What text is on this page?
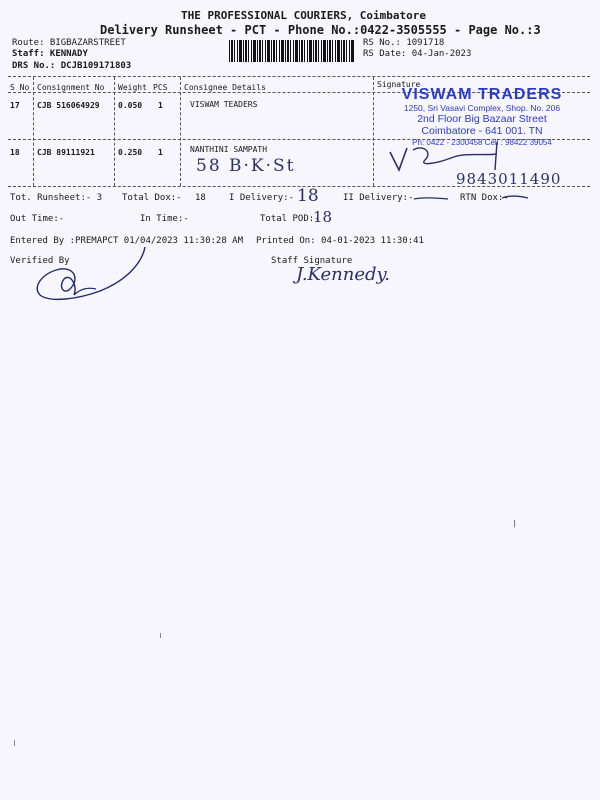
THE PROFESSIONAL COURIERS, Coimbatore
Delivery Runsheet - PCT - Phone No.:0422-3505555 - Page No.:3
Route: BIGBAZARSTREET
Staff: KENNADY
DRS No.: DCJB109171803
RS No.: 1091718
RS Date: 04-Jan-2023
S No Consignment No Weight PCS Consignee Details	Signature
17 CJB 516064929 0.050 1	VISWAM TEADERS
18 CJB 89111921	0.250 1	NANTHINI SAMPATH
58 B·K·St
VISWAM TRADERS
1250, Sri Vasavi Complex, Shop. No. 206
2nd Floor Big Bazaar Street
Coimbatore - 641 001. TN
Ph: 0422 - 2300458 Cell : 98422 39054
9843011490
Tot. Runsheet:- 3 Total Dox:- 18	I Delivery:- 18	II Delivery:-	RTN Dox:-
Out Time:-	In Time:-	Total POD:-
18
Entered By :PREMAPCT 01/04/2023 11:30:28 AM Printed On: 04-01-2023 11:30:41
Verified By	Staff Signature
J.Kennedy.
